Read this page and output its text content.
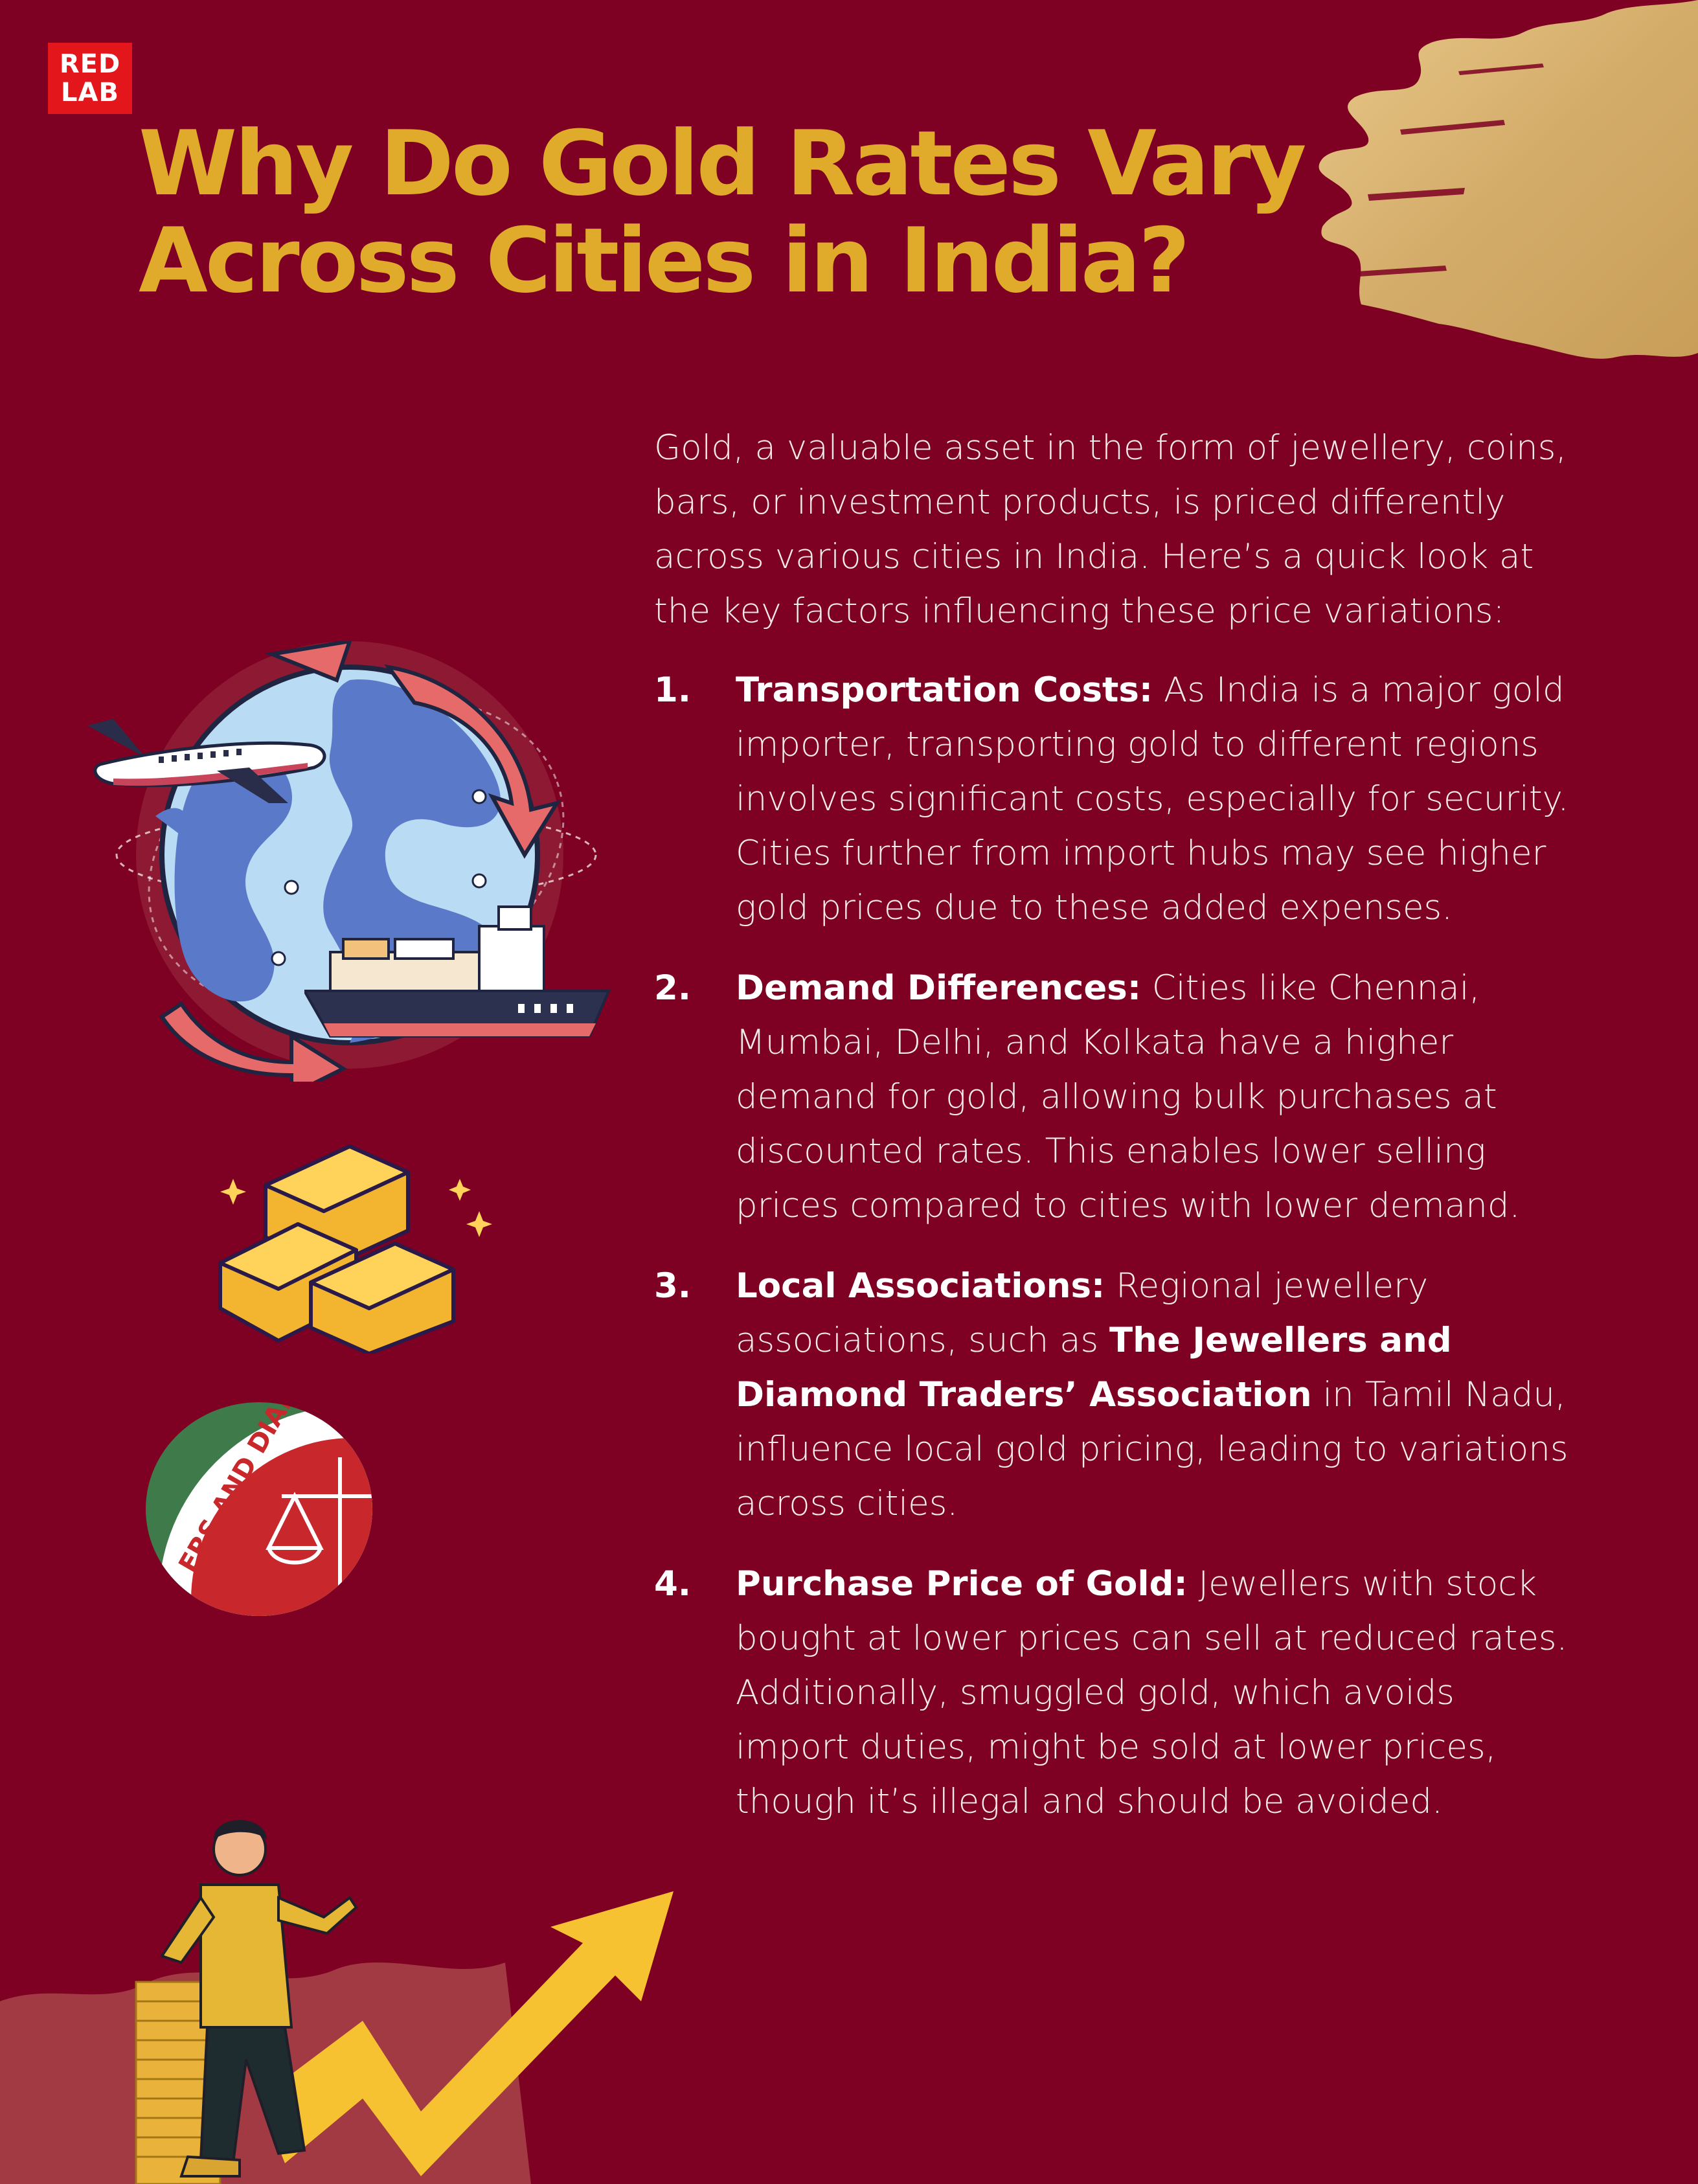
RED
LAB
Why Do Gold Rates Vary
Across Cities in India?
ERS AND

Gold, a valuable asset in the form of jewellery, coins, bars, or investment products, is priced differently across various cities in India. Here’s a quick look at the key factors influencing these price variations:

1. Transportation Costs: As India is a major gold importer, transporting gold to different regions involves significant costs, especially for security. Cities further from import hubs may see higher gold prices due to these added expenses.
2. Demand Differences: Cities like Chennai, Mumbai, Delhi, and Kolkata have a higher demand for gold, allowing bulk purchases at discounted rates. This enables lower selling prices compared to cities with lower demand.
3. Local Associations: Regional jewellery associations, such as The Jewellers and Diamond Traders’ Association in Tamil Nadu, influence local gold pricing, leading to variations across cities.
4. Purchase Price of Gold: Jewellers with stock bought at lower prices can sell at reduced rates. Additionally, smuggled gold, which avoids import duties, might be sold at lower prices, though it’s illegal and should be avoided.
